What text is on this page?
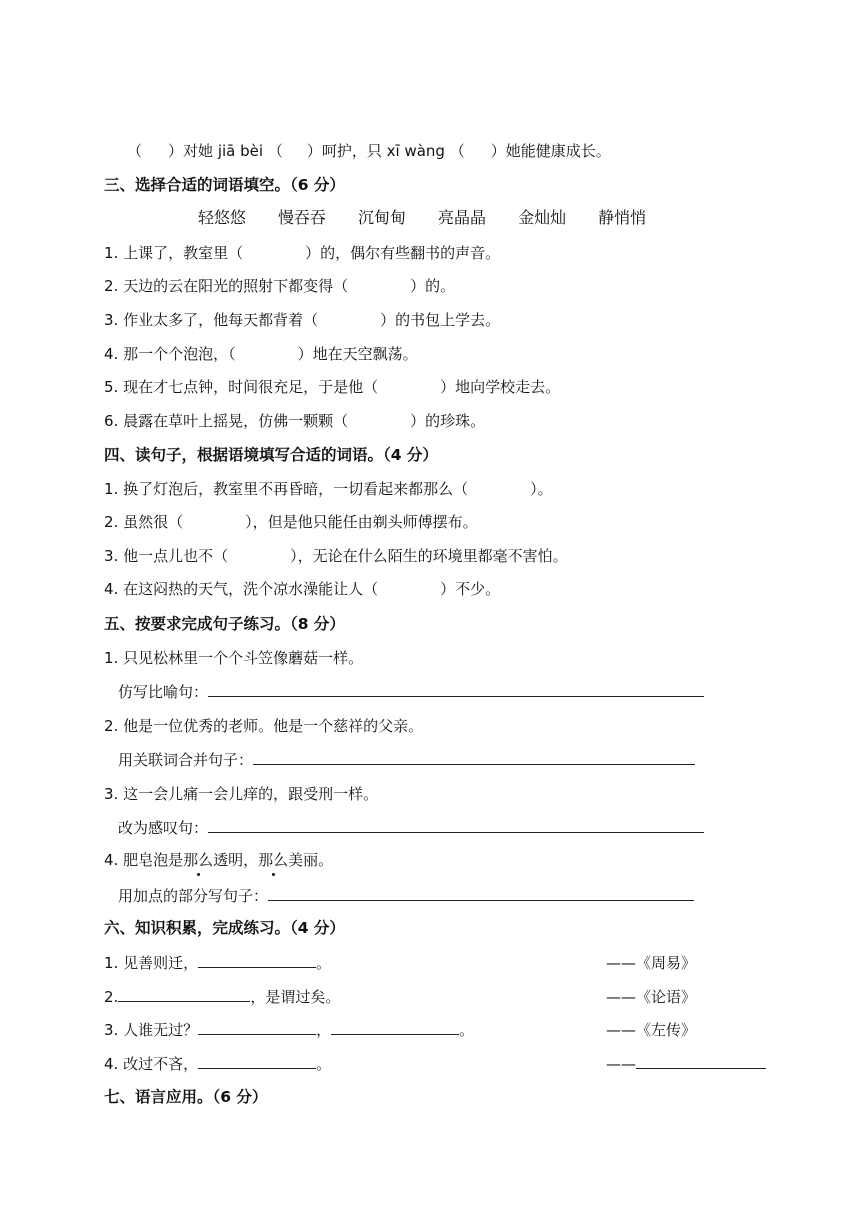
（ ）对她 jiā bèi （ ）呵护，只 xī wàng （ ）她能健康成长。
三、选择合适的词语填空。（6 分）
轻悠悠 慢吞吞 沉甸甸 亮晶晶 金灿灿 静悄悄
1. 上课了，教室里（	）的，偶尔有些翻书的声音。
2. 天边的云在阳光的照射下都变得（	）的。
3. 作业太多了，他每天都背着（	）的书包上学去。
4. 那一个个泡泡，（	）地在天空飘荡。
5. 现在才七点钟，时间很充足，于是他（	）地向学校走去。
6. 晨露在草叶上摇晃，仿佛一颗颗（	）的珍珠。
四、读句子，根据语境填写合适的词语。（4 分）
1. 换了灯泡后，教室里不再昏暗，一切看起来都那么（	）。
2. 虽然很（	），但是他只能任由剃头师傅摆布。
3. 他一点儿也不（	），无论在什么陌生的环境里都毫不害怕。
4. 在这闷热的天气，洗个凉水澡能让人（	）不少。
五、按要求完成句子练习。（8 分）
1. 只见松林里一个个斗笠像蘑菇一样。
仿写比喻句：
2. 他是一位优秀的老师。他是一个慈祥的父亲。
用关联词合并句子：
3. 这一会儿痛一会儿痒的，跟受刑一样。
改为感叹句：
4. 肥皂泡是那么透明，那么美丽。
用加点的部分写句子：
六、知识积累，完成练习。（4 分）
1. 见善则迁，	。	——《周易》
2.	，是谓过矣。	——《论语》
3. 人谁无过？	，	。	——《左传》
4. 改过不吝，	。	——
七、语言应用。（6 分）
